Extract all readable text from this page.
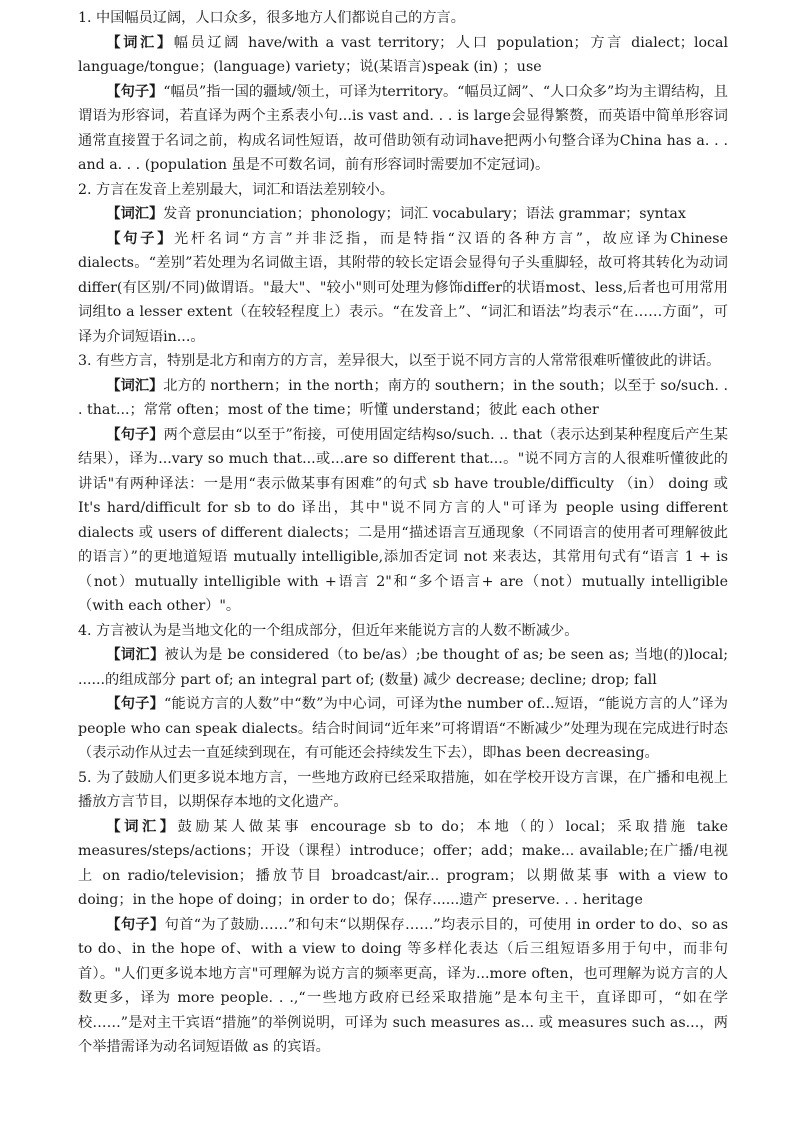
1. 中国幅员辽阔，人口众多，很多地方人们都说自己的方言。

【词汇】幅员辽阔 have/with a vast territory；人口 population；方言 dialect；local language/tongue；(language) variety；说(某语言)speak (in) ；use

【句子】“幅员”指一国的疆域/领土，可译为territory。“幅员辽阔”、“人口众多”均为主谓结构，且谓语为形容词，若直译为两个主系表小句...is vast and. . . is large会显得繁赘，而英语中简单形容词通常直接置于名词之前，构成名词性短语，故可借助领有动词have把两小句整合译为China has a. . . and a. . . (population 虽是不可数名词，前有形容词时需要加不定冠词)。

2. 方言在发音上差别最大，词汇和语法差别较小。

【词汇】发音 pronunciation；phonology；词汇 vocabulary；语法 grammar；syntax

【句子】光杆名词“方言”并非泛指，而是特指“汉语的各种方言”，故应译为Chinese dialects。“差别”若处理为名词做主语，其附带的较长定语会显得句子头重脚轻，故可将其转化为动词differ(有区别/不同)做谓语。"最大"、"较小"则可处理为修饰differ的状语most、less,后者也可用常用词组to a lesser extent（在较轻程度上）表示。“在发音上”、“词汇和语法”均表示“在……方面”，可译为介词短语in...。

3. 有些方言，特别是北方和南方的方言，差异很大，以至于说不同方言的人常常很难听懂彼此的讲话。

【词汇】北方的 northern；in the north；南方的 southern；in the south；以至于 so/such. . . that...；常常 often；most of the time；听懂 understand；彼此 each other

【句子】两个意层由“以至于”衔接，可使用固定结构so/such. .. that（表示达到某种程度后产生某结果），译为...vary so much that...或...are so different that...。"说不同方言的人很难听懂彼此的讲话"有两种译法：一是用“表示做某事有困难”的句式 sb have trouble/difficulty （in） doing 或 It's hard/difficult for sb to do 译出，其中"说不同方言的人"可译为 people using different dialects 或 users of different dialects；二是用“描述语言互通现象（不同语言的使用者可理解彼此的语言）”的更地道短语 mutually intelligible,添加否定词 not 来表达，其常用句式有“语言 1 + is（not）mutually intelligible with +语言 2"和“多个语言+ are（not）mutually intelligible（with each other）"。

4. 方言被认为是当地文化的一个组成部分，但近年来能说方言的人数不断减少。

【词汇】被认为是 be considered（to be/as）;be thought of as; be seen as; 当地(的)local; ......的组成部分 part of; an integral part of; (数量) 减少 decrease; decline; drop; fall

【句子】“能说方言的人数”中“数”为中心词，可译为the number of...短语，“能说方言的人”译为 people who can speak dialects。结合时间词“近年来”可将谓语“不断减少”处理为现在完成进行时态（表示动作从过去一直延续到现在，有可能还会持续发生下去），即has been decreasing。

5. 为了鼓励人们更多说本地方言，一些地方政府已经采取措施，如在学校开设方言课，在广播和电视上播放方言节目，以期保存本地的文化遗产。

【词汇】鼓励某人做某事 encourage sb to do；本地（的）local；采取措施 take measures/steps/actions；开设（课程）introduce；offer；add；make... available;在广播/电视上 on radio/television；播放节目 broadcast/air... program；以期做某事 with a view to doing；in the hope of doing；in order to do；保存......遗产 preserve. . . heritage

【句子】句首“为了鼓励……”和句末“以期保存……”均表示目的，可使用 in order to do、so as to do、in the hope of、with a view to doing 等多样化表达（后三组短语多用于句中，而非句首）。"人们更多说本地方言"可理解为说方言的频率更高，译为...more often，也可理解为说方言的人数更多，译为 more people. . .,“一些地方政府已经采取措施”是本句主干，直译即可，“如在学校……”是对主干宾语“措施”的举例说明，可译为 such measures as... 或 measures such as...，两个举措需译为动名词短语做 as 的宾语。
